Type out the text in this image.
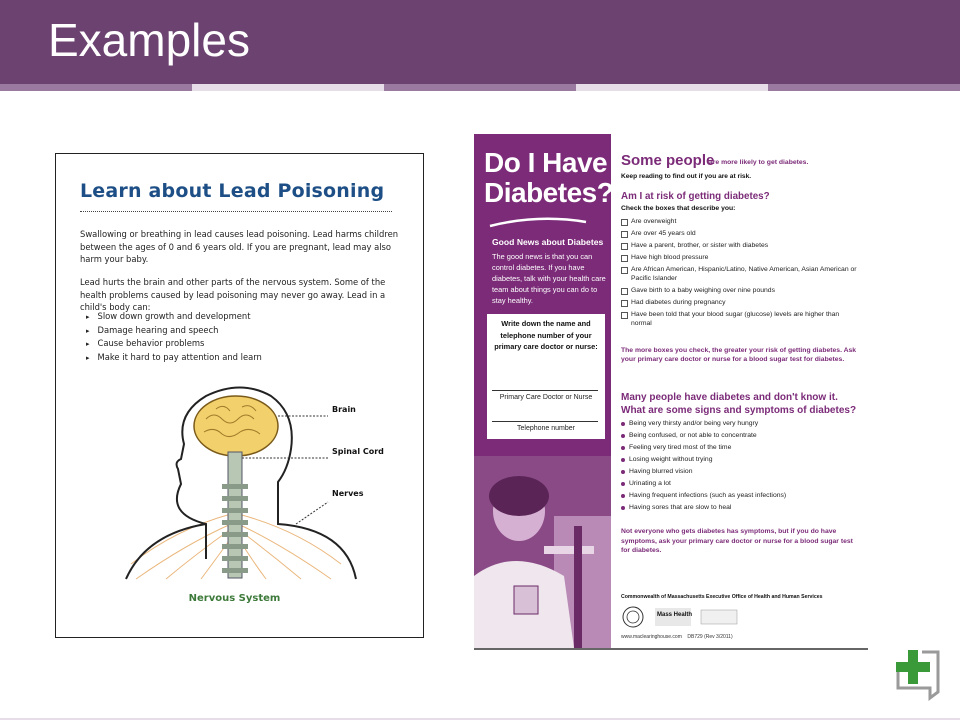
Examples
Learn about Lead Poisoning
Swallowing or breathing in lead causes lead poisoning. Lead harms children between the ages of 0 and 6 years old. If you are pregnant, lead may also harm your baby.
Lead hurts the brain and other parts of the nervous system. Some of the health problems caused by lead poisoning may never go away. Lead in a child's body can:
▸ Slow down growth and development
▸ Damage hearing and speech
▸ Cause behavior problems
▸ Make it hard to pay attention and learn
Brain
Spinal Cord
Nerves
Nervous System
Do I Have Diabetes?
Good News about Diabetes
The good news is that you can control diabetes. If you have diabetes, talk with your health care team about things you can do to stay healthy.
Write down the name and telephone number of your primary care doctor or nurse:
Primary Care Doctor or Nurse
Telephone number
Some people
are more likely to get diabetes.
Keep reading to find out if you are at risk.
Am I at risk of getting diabetes?
Check the boxes that describe you:
Are overweight
Are over 45 years old
Have a parent, brother, or sister with diabetes
Have high blood pressure
Are African American, Hispanic/Latino, Native American, Asian American or Pacific Islander
Gave birth to a baby weighing over nine pounds
Had diabetes during pregnancy
Have been told that your blood sugar (glucose) levels are higher than normal
The more boxes you check, the greater your risk of getting diabetes. Ask your primary care doctor or nurse for a blood sugar test for diabetes.
Many people have diabetes and don't know it. What are some signs and symptoms of diabetes?
Being very thirsty and/or being very hungry
Being confused, or not able to concentrate
Feeling very tired most of the time
Losing weight without trying
Having blurred vision
Urinating a lot
Having frequent infections (such as yeast infections)
Having sores that are slow to heal
Not everyone who gets diabetes has symptoms, but if you do have symptoms, ask your primary care doctor or nurse for a blood sugar test for diabetes.
Commonwealth of Massachusetts Executive Office of Health and Human Services
Mass Health
www.maclearinghouse.com DB729 (Rev 3/2011)
